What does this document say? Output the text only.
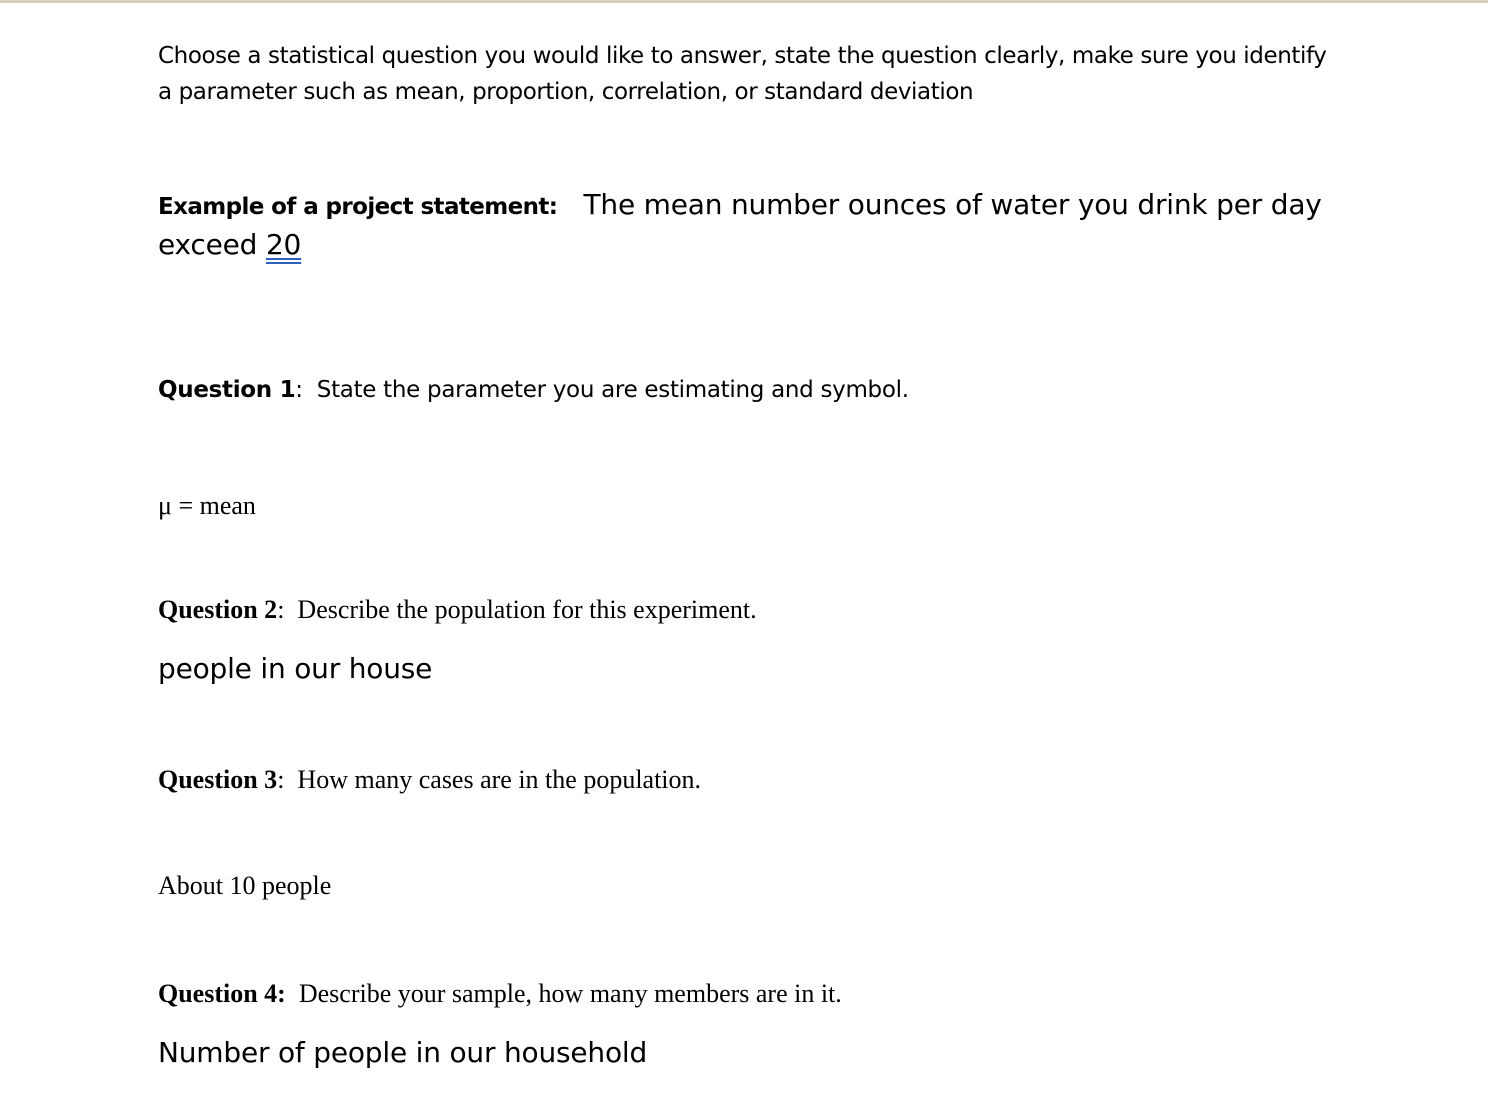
Choose a statistical question you would like to answer, state the question clearly, make sure you identify
a parameter such as mean, proportion, correlation, or standard deviation
Example of a project statement: The mean number ounces of water you drink per day
exceed 20
Question 1: State the parameter you are estimating and symbol.
μ = mean
Question 2: Describe the population for this experiment.
people in our house
Question 3: How many cases are in the population.
About 10 people
Question 4: Describe your sample, how many members are in it.
Number of people in our household
